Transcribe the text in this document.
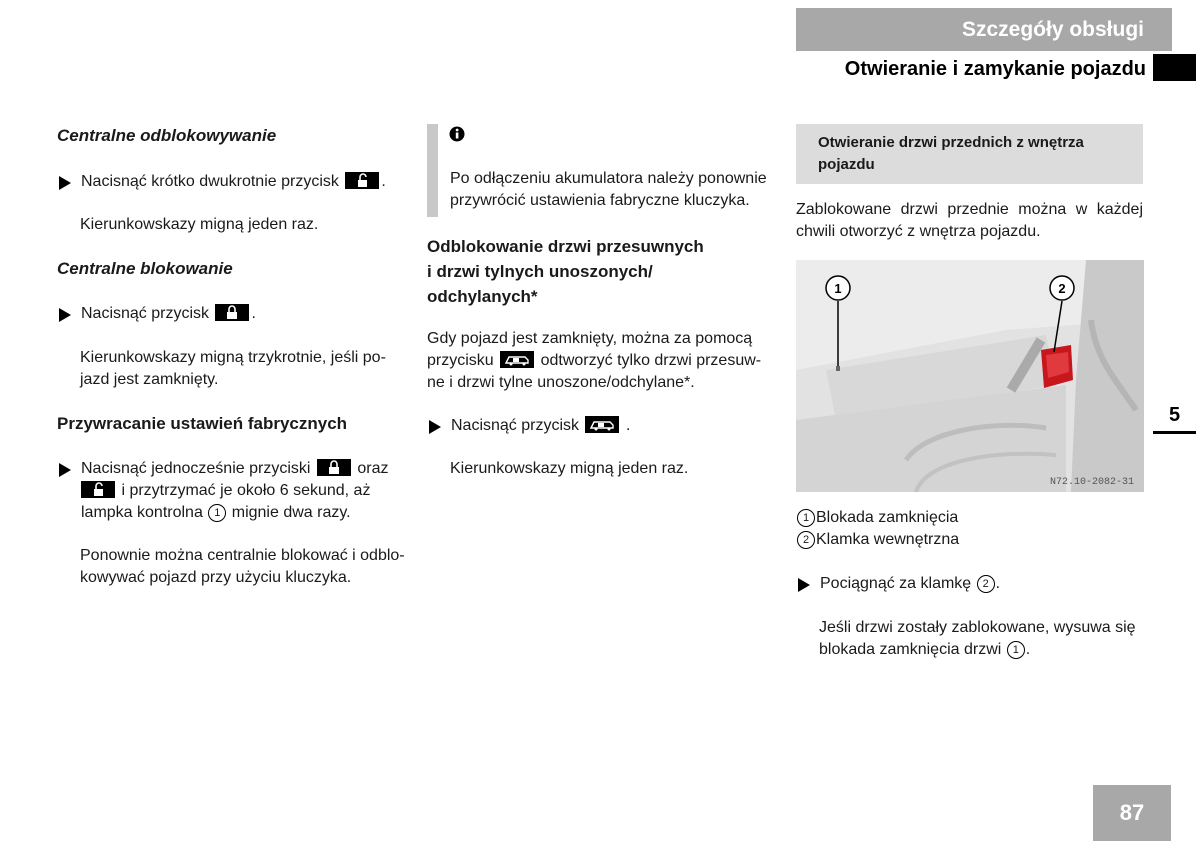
Szczegóły obsługi
Otwieranie i zamykanie pojazdu
5
87
Centralne odblokowywanie
Nacisnąć krótko dwukrotnie przycisk	.
Kierunkowskazy migną jeden raz.
Centralne blokowanie
Nacisnąć przycisk	.
Kierunkowskazy migną trzykrotnie, jeśli po-
jazd jest zamknięty.
Przywracanie ustawień fabrycznych
Nacisnąć jednocześnie przyciski	oraz
i przytrzymać je około 6 sekund, aż
lampka kontrolna 1 mignie dwa razy.
Ponownie można centralnie blokować i odblo-
kowywać pojazd przy użyciu kluczyka.
Po odłączeniu akumulatora należy ponownie
przywrócić ustawienia fabryczne kluczyka.
Odblokowanie drzwi przesuwnych
i drzwi tylnych unoszonych/
odchylanych*
Gdy pojazd jest zamknięty, można za pomocą
przycisku	odtworzyć tylko drzwi przesuw-
ne i drzwi tylne unoszone/odchylane*.
Nacisnąć przycisk	.
Kierunkowskazy migną jeden raz.
Otwieranie drzwi przednich z wnętrza
pojazdu
Zablokowane drzwi przednie można w każdej
chwili otworzyć z wnętrza pojazdu.
1	2
N72.10-2082-31
1 Blokada zamknięcia
2 Klamka wewnętrzna
Pociągnąć za klamkę 2 .
Jeśli drzwi zostały zablokowane, wysuwa się
blokada zamknięcia drzwi 1 .
